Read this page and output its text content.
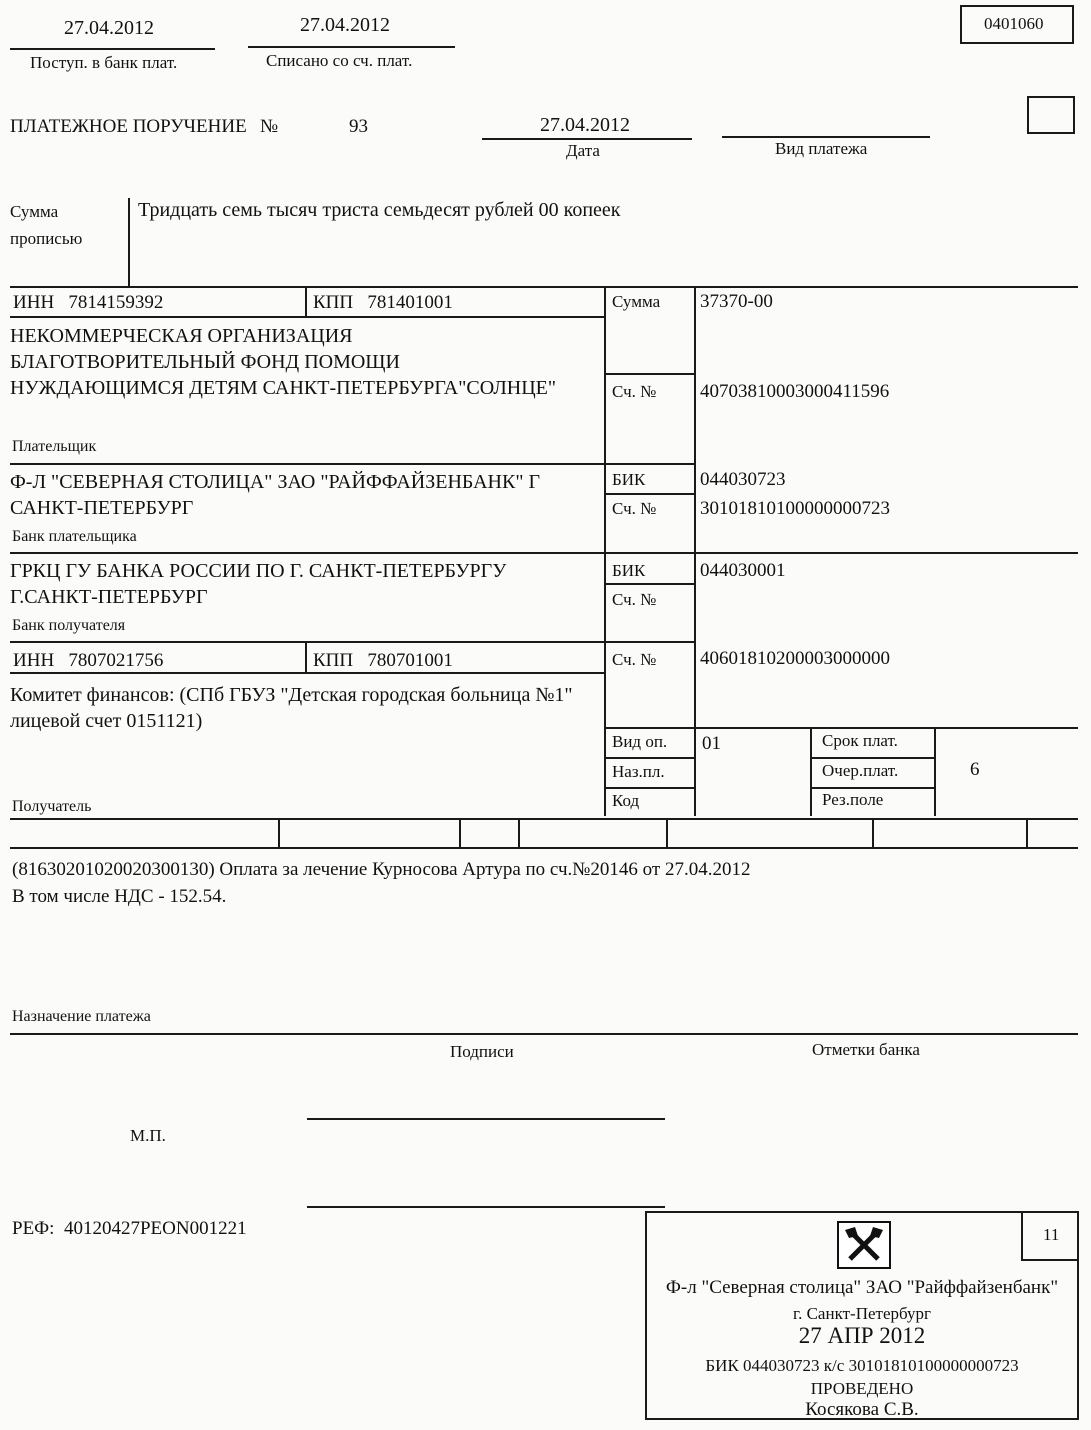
27.04.2012
Поступ. в банк плат.
27.04.2012
Списано со сч. плат.
0401060
ПЛАТЕЖНОЕ ПОРУЧЕНИЕ №	93	27.04.2012
Дата	Вид платежа
Сумма
прописью
Тридцать семь тысяч триста семьдесят рублей 00 копеек
ИНН 7814159392	КПП 781401001
НЕКОММЕРЧЕСКАЯ ОРГАНИЗАЦИЯ
БЛАГОТВОРИТЕЛЬНЫЙ ФОНД ПОМОЩИ
НУЖДАЮЩИМСЯ ДЕТЯМ САНКТ-ПЕТЕРБУРГА"СОЛНЦЕ"
Плательщик
Сумма 37370-00
Сч. № 40703810003000411596
Ф-Л "СЕВЕРНАЯ СТОЛИЦА" ЗАО "РАЙФФАЙЗЕНБАНК" Г
САНКТ-ПЕТЕРБУРГ
Банк плательщика
БИК	044030723
Сч. № 30101810100000000723
ГРКЦ ГУ БАНКА РОССИИ ПО Г. САНКТ-ПЕТЕРБУРГУ
Г.САНКТ-ПЕТЕРБУРГ
Банк получателя
БИК	044030001
Сч. №
ИНН 7807021756	КПП 780701001	Сч. № 40601810200003000000
Комитет финансов: (СПб ГБУЗ "Детская городская больница №1"
лицевой счет 0151121)
Получатель
Вид оп. 01
Наз.пл.
Код
Срок плат.
Очер.плат.	6
Рез.поле
(81630201020020300130) Оплата за лечение Курносова Артура по сч.№20146 от 27.04.2012
В том числе НДС - 152.54.
Назначение платежа
Подписи	Отметки банка
М.П.
РЕФ: 40120427PEON001221	11
Ф-л "Северная столица" ЗАО "Райффайзенбанк"
г. Санкт-Петербург
27 АПР 2012
БИК 044030723 к/с 30101810100000000723
ПРОВЕДЕНО
Косякова С.В.
